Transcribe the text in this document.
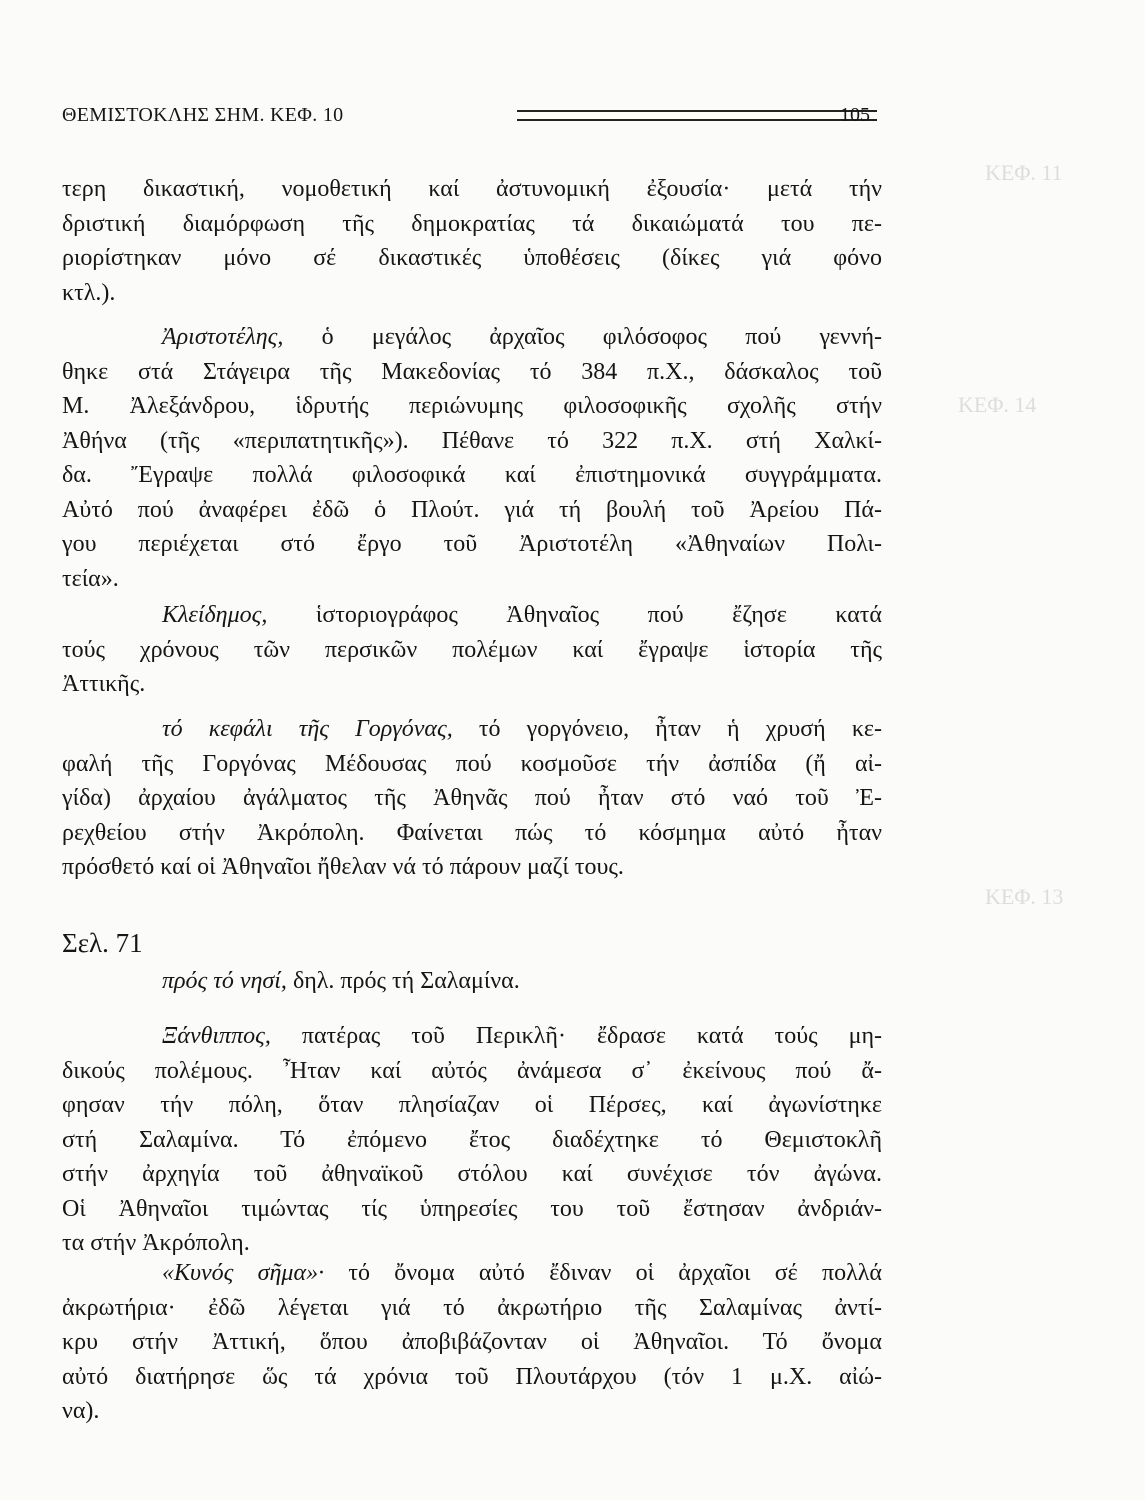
ΚΕΦ. 11
ΚΕΦ. 14
ΚΕΦ. 13
ΘΕΜΙΣΤΟΚΛΗΣ ΣΗΜ. ΚΕΦ. 10	105
τερη δικαστική, νομοθετική καί ἀστυνομική ἐξουσία· μετά τήν
δριστική διαμόρφωση τῆς δημοκρατίας τά δικαιώματά του πε-
ριορίστηκαν μόνο σέ δικαστικές ὑποθέσεις (δίκες γιά φόνο
κτλ.).
Ἀριστοτέλης, ὁ μεγάλος ἀρχαῖος φιλόσοφος πού γεννή-
θηκε στά Στάγειρα τῆς Μακεδονίας τό 384 π.Χ., δάσκαλος τοῦ
Μ. Ἀλεξάνδρου, ἱδρυτής περιώνυμης φιλοσοφικῆς σχολῆς στήν
Ἀθήνα (τῆς «περιπατητικῆς»). Πέθανε τό 322 π.Χ. στή Χαλκί-
δα. Ἔγραψε πολλά φιλοσοφικά καί ἐπιστημονικά συγγράμματα.
Αὐτό πού ἀναφέρει ἐδῶ ὁ Πλούτ. γιά τή βουλή τοῦ Ἀρείου Πά-
γου περιέχεται στό ἔργο τοῦ Ἀριστοτέλη «Ἀθηναίων Πολι-
τεία».
Κλείδημος, ἱστοριογράφος Ἀθηναῖος πού ἔζησε κατά
τούς χρόνους τῶν περσικῶν πολέμων καί ἔγραψε ἱστορία τῆς
Ἀττικῆς.
τό κεφάλι τῆς Γοργόνας, τό γοργόνειο, ἦταν ἡ χρυσή κε-
φαλή τῆς Γοργόνας Μέδουσας πού κοσμοῦσε τήν ἀσπίδα (ἤ αἰ-
γίδα) ἀρχαίου ἀγάλματος τῆς Ἀθηνᾶς πού ἦταν στό ναό τοῦ Ἐ-
ρεχθείου στήν Ἀκρόπολη. Φαίνεται πώς τό κόσμημα αὐτό ἦταν
πρόσθετό καί οἱ Ἀθηναῖοι ἤθελαν νά τό πάρουν μαζί τους.
Σελ. 71
πρός τό νησί, δηλ. πρός τή Σαλαμίνα.
Ξάνθιππος, πατέρας τοῦ Περικλῆ· ἔδρασε κατά τούς μη-
δικούς πολέμους. Ἦταν καί αὐτός ἀνάμεσα σ᾽ ἐκείνους πού ἄ-
φησαν τήν πόλη, ὅταν πλησίαζαν οἱ Πέρσες, καί ἀγωνίστηκε
στή Σαλαμίνα. Τό ἐπόμενο ἔτος διαδέχτηκε τό Θεμιστοκλῆ
στήν ἀρχηγία τοῦ ἀθηναϊκοῦ στόλου καί συνέχισε τόν ἀγώνα.
Οἱ Ἀθηναῖοι τιμώντας τίς ὑπηρεσίες του τοῦ ἔστησαν ἀνδριάν-
τα στήν Ἀκρόπολη.
«Κυνός σῆμα»· τό ὄνομα αὐτό ἔδιναν οἱ ἀρχαῖοι σέ πολλά
ἀκρωτήρια· ἐδῶ λέγεται γιά τό ἀκρωτήριο τῆς Σαλαμίνας ἀντί-
κρυ στήν Ἀττική, ὅπου ἀποβιβάζονταν οἱ Ἀθηναῖοι. Τό ὄνομα
αὐτό διατήρησε ὥς τά χρόνια τοῦ Πλουτάρχου (τόν 1 μ.Χ. αἰώ-
να).
